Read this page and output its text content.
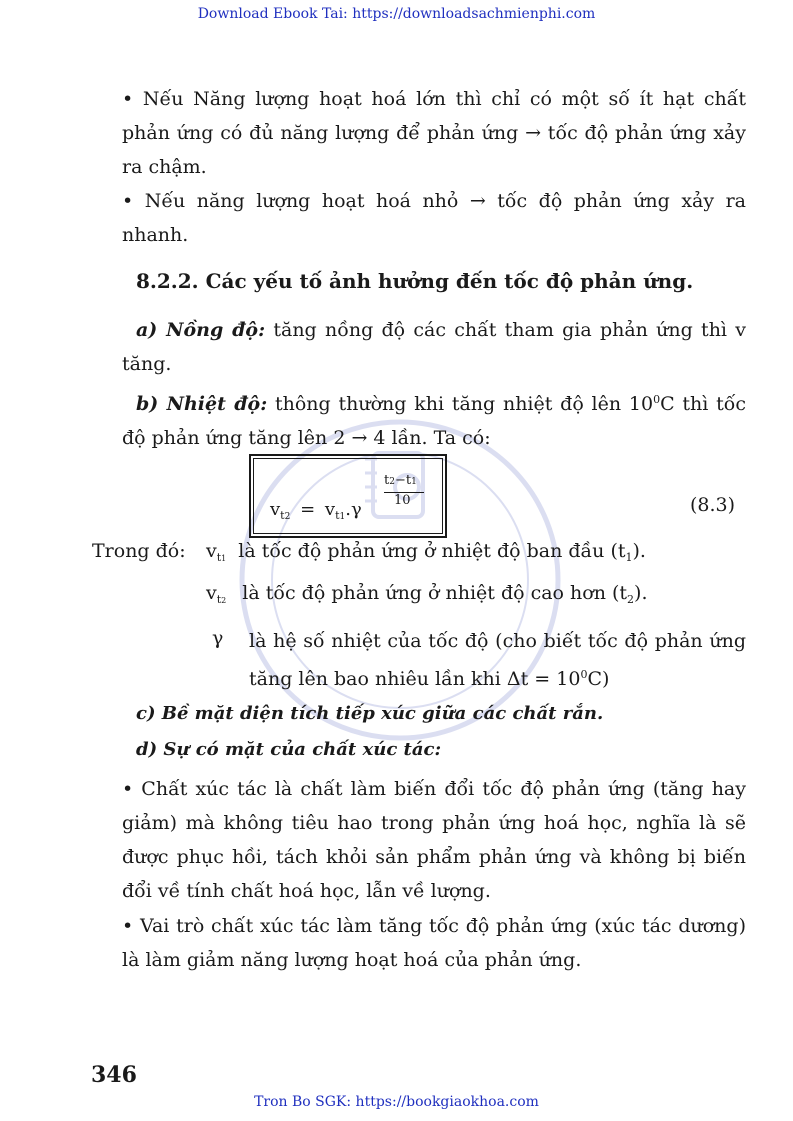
Download Ebook Tai: https://downloadsachmienphi.com
• Nếu Năng lượng hoạt hoá lớn thì chỉ có một số ít hạt chất phản ứng có đủ năng lượng để phản ứng → tốc độ phản ứng xảy ra chậm.
• Nếu năng lượng hoạt hoá nhỏ → tốc độ phản ứng xảy ra nhanh.
8.2.2. Các yếu tố ảnh hưởng đến tốc độ phản ứng.
a) Nồng độ: tăng nồng độ các chất tham gia phản ứng thì v tăng.
b) Nhiệt độ: thông thường khi tăng nhiệt độ lên $10^0C$ thì tốc độ phản ứng tăng lên 2 → 4 lần. Ta có:
$v_{t2} = v_{t1}.\gamma$
t2−t1
10	(8.3)
Trong đó: $v_{t1}$ là tốc độ phản ứng ở nhiệt độ ban đầu $(t_1)$.
$v_{t2}$ là tốc độ phản ứng ở nhiệt độ cao hơn $(t_2)$.
γ là hệ số nhiệt của tốc độ (cho biết tốc độ phản ứng tăng lên bao nhiêu lần khi $\Delta t = 10^0C$)
c) Bề mặt diện tích tiếp xúc giữa các chất rắn.
d) Sự có mặt của chất xúc tác:
• Chất xúc tác là chất làm biến đổi tốc độ phản ứng (tăng hay giảm) mà không tiêu hao trong phản ứng hoá học, nghĩa là sẽ được phục hồi, tách khỏi sản phẩm phản ứng và không bị biến đổi về tính chất hoá học, lẫn về lượng.
• Vai trò chất xúc tác làm tăng tốc độ phản ứng (xúc tác dương) là làm giảm năng lượng hoạt hoá của phản ứng.
346
Tron Bo SGK: https://bookgiaokhoa.com
